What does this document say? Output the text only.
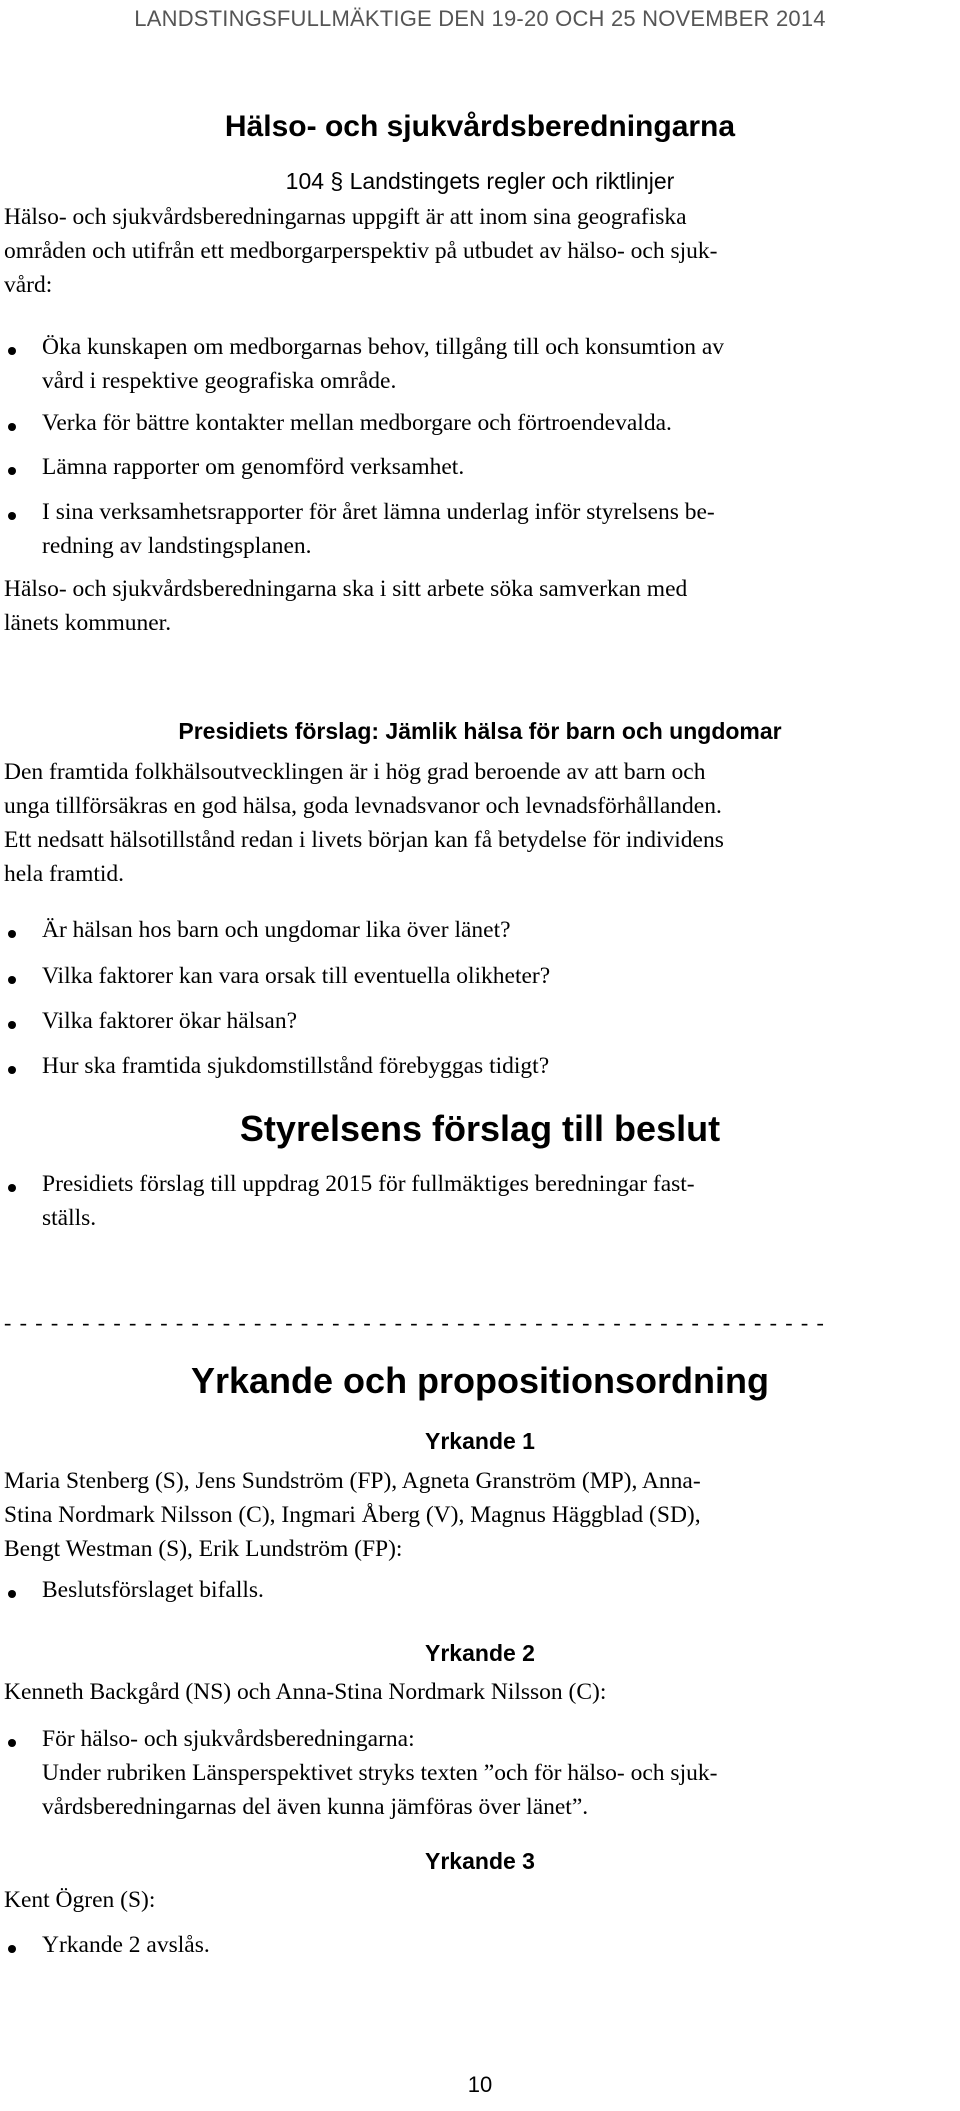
LANDSTINGSFULLMÄKTIGE DEN 19-20 OCH 25 NOVEMBER 2014
Hälso- och sjukvårdsberedningarna
104 § Landstingets regler och riktlinjer
Hälso- och sjukvårdsberedningarnas uppgift är att inom sina geografiska
områden och utifrån ett medborgarperspektiv på utbudet av hälso- och sjuk-
vård:
Öka kunskapen om medborgarnas behov, tillgång till och konsumtion av
vård i respektive geografiska område.
Verka för bättre kontakter mellan medborgare och förtroendevalda.
Lämna rapporter om genomförd verksamhet.
I sina verksamhetsrapporter för året lämna underlag inför styrelsens be-
redning av landstingsplanen.
Hälso- och sjukvårdsberedningarna ska i sitt arbete söka samverkan med
länets kommuner.
Presidiets förslag: Jämlik hälsa för barn och ungdomar
Den framtida folkhälsoutvecklingen är i hög grad beroende av att barn och
unga tillförsäkras en god hälsa, goda levnadsvanor och levnadsförhållanden.
Ett nedsatt hälsotillstånd redan i livets början kan få betydelse för individens
hela framtid.
Är hälsan hos barn och ungdomar lika över länet?
Vilka faktorer kan vara orsak till eventuella olikheter?
Vilka faktorer ökar hälsan?
Hur ska framtida sjukdomstillstånd förebyggas tidigt?
Styrelsens förslag till beslut
Presidiets förslag till uppdrag 2015 för fullmäktiges beredningar fast-
ställs.
- - - - - - - - - - - - - - - - - - - - - - - - - - - - - - - - - - - - - - - - - - - - - - - - - - - - -
Yrkande och propositionsordning
Yrkande 1
Maria Stenberg (S), Jens Sundström (FP), Agneta Granström (MP), Anna-
Stina Nordmark Nilsson (C), Ingmari Åberg (V), Magnus Häggblad (SD),
Bengt Westman (S), Erik Lundström (FP):
Beslutsförslaget bifalls.
Yrkande 2
Kenneth Backgård (NS) och Anna-Stina Nordmark Nilsson (C):
För hälso- och sjukvårdsberedningarna:
Under rubriken Länsperspektivet stryks texten ”och för hälso- och sjuk-
vårdsberedningarnas del även kunna jämföras över länet”.
Yrkande 3
Kent Ögren (S):
Yrkande 2 avslås.
10
